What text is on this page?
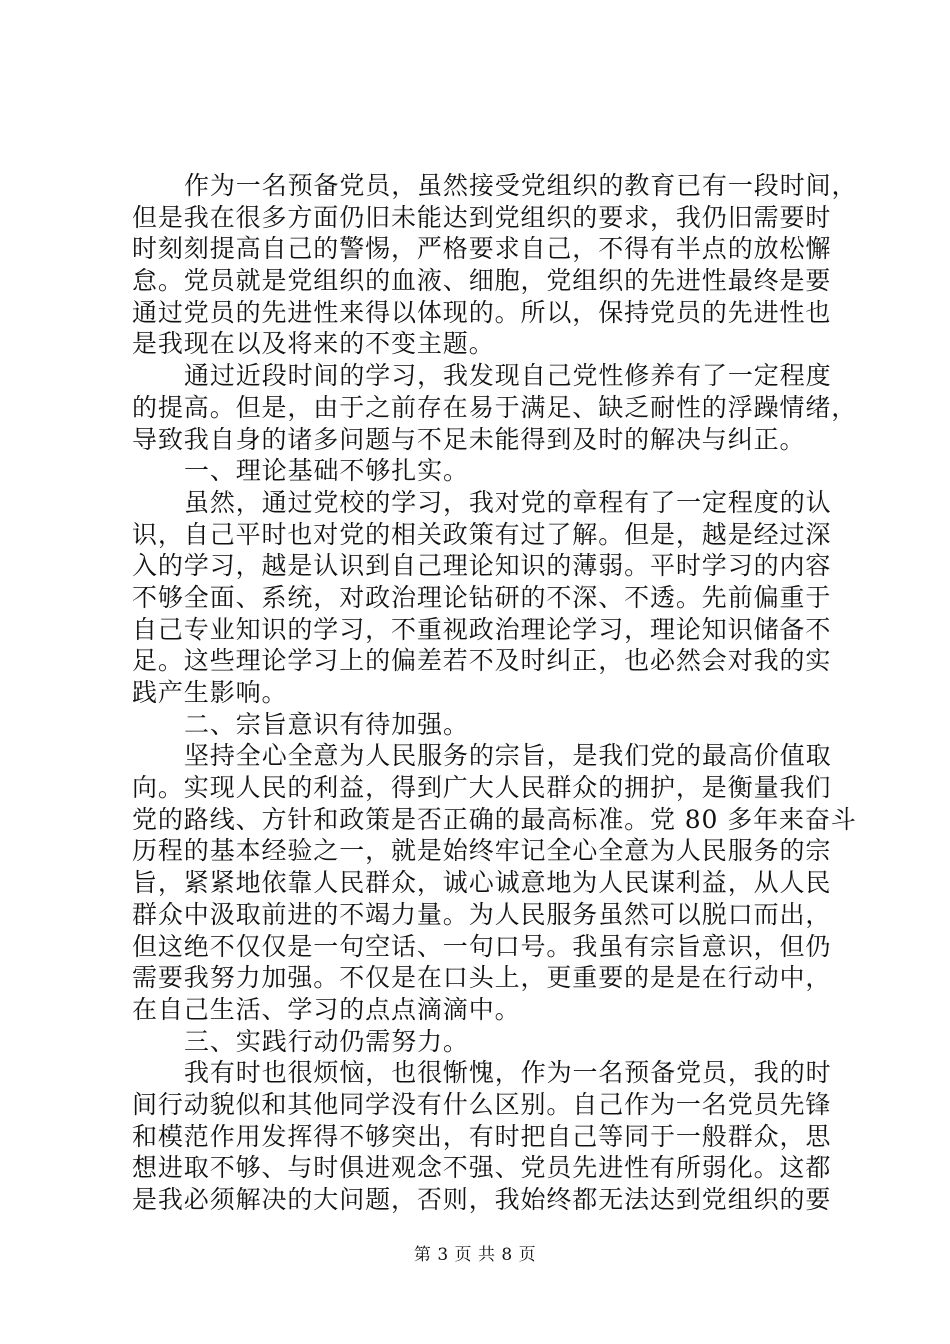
作为一名预备党员，虽然接受党组织的教育已有一段时间，
但是我在很多方面仍旧未能达到党组织的要求，我仍旧需要时
时刻刻提高自己的警惕，严格要求自己，不得有半点的放松懈
怠。党员就是党组织的血液、细胞，党组织的先进性最终是要
通过党员的先进性来得以体现的。所以，保持党员的先进性也
是我现在以及将来的不变主题。
通过近段时间的学习，我发现自己党性修养有了一定程度
的提高。但是，由于之前存在易于满足、缺乏耐性的浮躁情绪，
导致我自身的诸多问题与不足未能得到及时的解决与纠正。
一、理论基础不够扎实。
虽然，通过党校的学习，我对党的章程有了一定程度的认
识，自己平时也对党的相关政策有过了解。但是，越是经过深
入的学习，越是认识到自己理论知识的薄弱。平时学习的内容
不够全面、系统，对政治理论钻研的不深、不透。先前偏重于
自己专业知识的学习，不重视政治理论学习，理论知识储备不
足。这些理论学习上的偏差若不及时纠正，也必然会对我的实
践产生影响。
二、宗旨意识有待加强。
坚持全心全意为人民服务的宗旨，是我们党的最高价值取
向。实现人民的利益，得到广大人民群众的拥护，是衡量我们
党的路线、方针和政策是否正确的最高标准。党 80 多年来奋斗
历程的基本经验之一，就是始终牢记全心全意为人民服务的宗
旨，紧紧地依靠人民群众，诚心诚意地为人民谋利益，从人民
群众中汲取前进的不竭力量。为人民服务虽然可以脱口而出，
但这绝不仅仅是一句空话、一句口号。我虽有宗旨意识，但仍
需要我努力加强。不仅是在口头上，更重要的是是在行动中，
在自己生活、学习的点点滴滴中。
三、实践行动仍需努力。
我有时也很烦恼，也很惭愧，作为一名预备党员，我的时
间行动貌似和其他同学没有什么区别。自己作为一名党员先锋
和模范作用发挥得不够突出，有时把自己等同于一般群众，思
想进取不够、与时俱进观念不强、党员先进性有所弱化。这都
是我必须解决的大问题，否则，我始终都无法达到党组织的要
第 3 页 共 8 页
